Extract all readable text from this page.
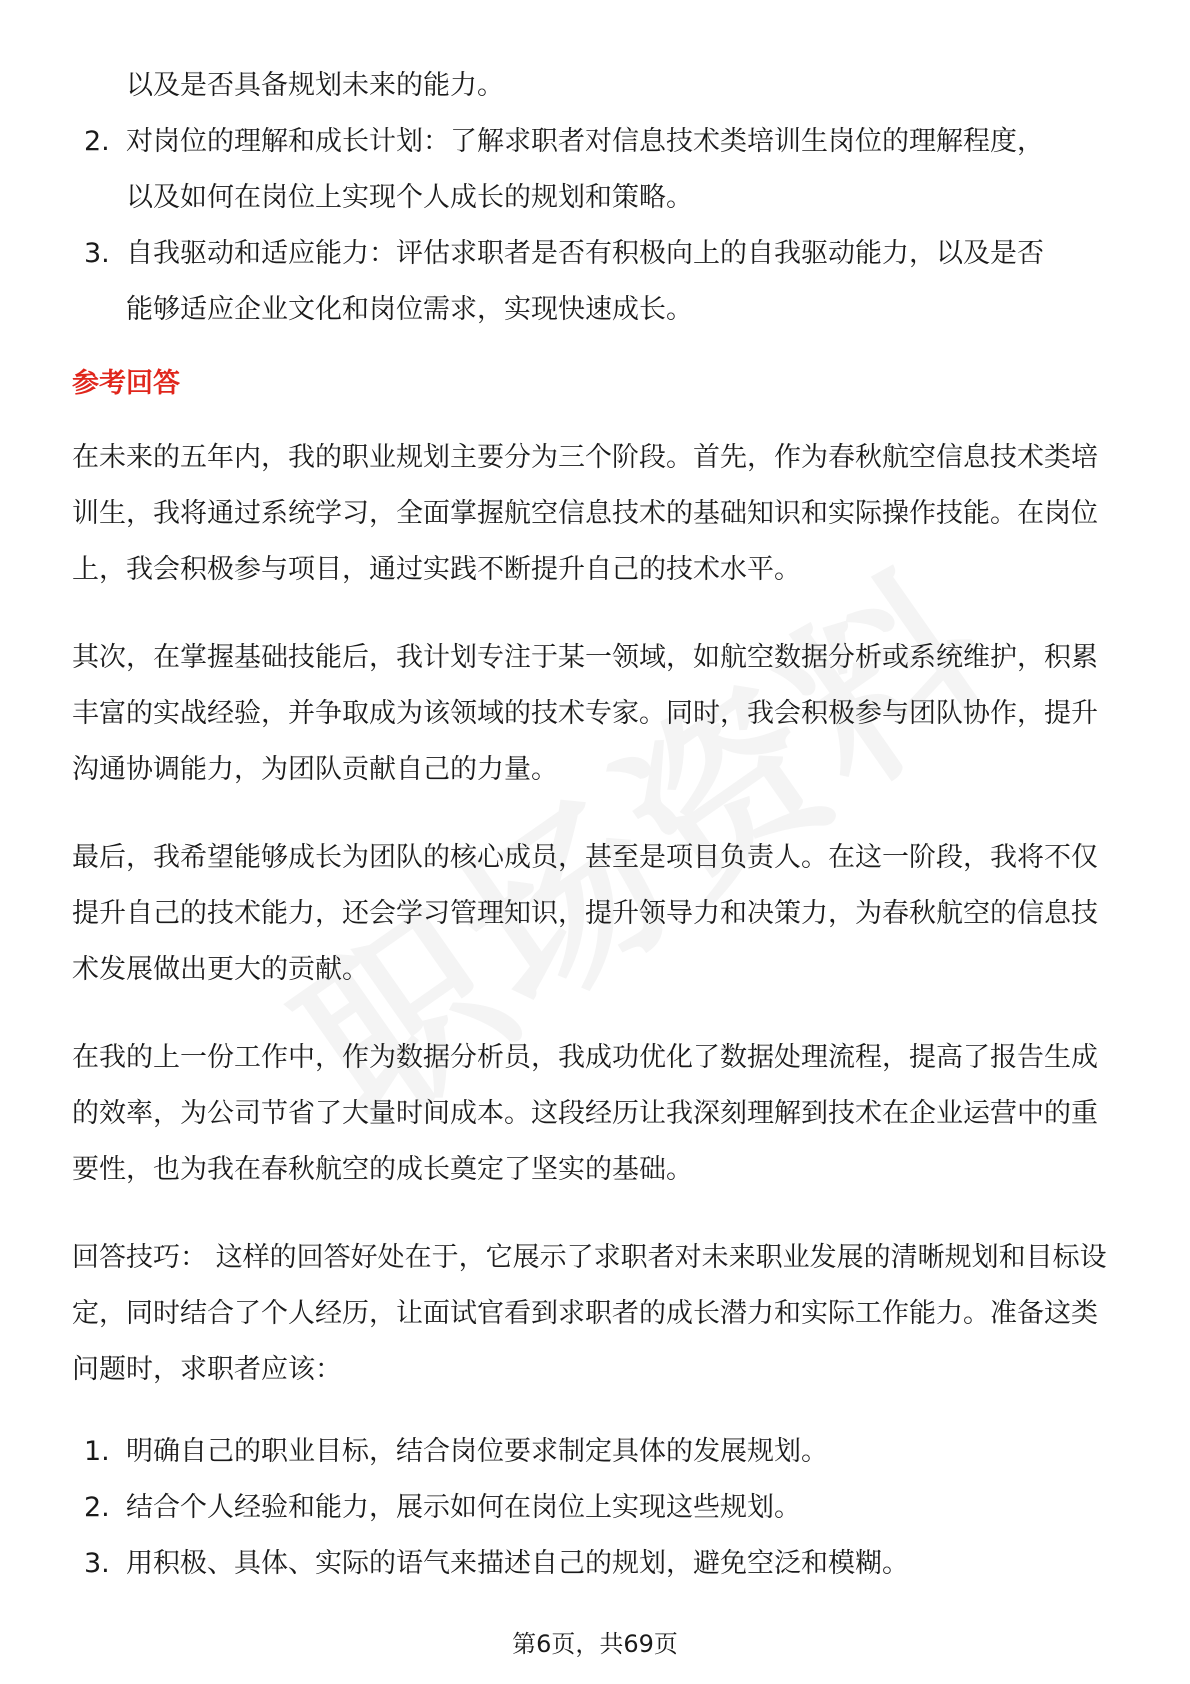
以及是否具备规划未来的能力。
2. 对岗位的理解和成长计划：了解求职者对信息技术类培训生岗位的理解程度，
以及如何在岗位上实现个人成长的规划和策略。
3. 自我驱动和适应能力：评估求职者是否有积极向上的自我驱动能力，以及是否
能够适应企业文化和岗位需求，实现快速成长。
参考回答

在未来的五年内，我的职业规划主要分为三个阶段。首先，作为春秋航空信息技术类培训生，我将通过系统学习，全面掌握航空信息技术的基础知识和实际操作技能。在岗位上，我会积极参与项目，通过实践不断提升自己的技术水平。

其次，在掌握基础技能后，我计划专注于某一领域，如航空数据分析或系统维护，积累丰富的实战经验，并争取成为该领域的技术专家。同时，我会积极参与团队协作，提升沟通协调能力，为团队贡献自己的力量。

最后，我希望能够成长为团队的核心成员，甚至是项目负责人。在这一阶段，我将不仅提升自己的技术能力，还会学习管理知识，提升领导力和决策力，为春秋航空的信息技术发展做出更大的贡献。

在我的上一份工作中，作为数据分析员，我成功优化了数据处理流程，提高了报告生成的效率，为公司节省了大量时间成本。这段经历让我深刻理解到技术在企业运营中的重要性，也为我在春秋航空的成长奠定了坚实的基础。

回答技巧： 这样的回答好处在于，它展示了求职者对未来职业发展的清晰规划和目标设定，同时结合了个人经历，让面试官看到求职者的成长潜力和实际工作能力。准备这类问题时，求职者应该：

1. 明确自己的职业目标，结合岗位要求制定具体的发展规划。
2. 结合个人经验和能力，展示如何在岗位上实现这些规划。
3. 用积极、具体、实际的语气来描述自己的规划，避免空泛和模糊。
第6页，共69页
